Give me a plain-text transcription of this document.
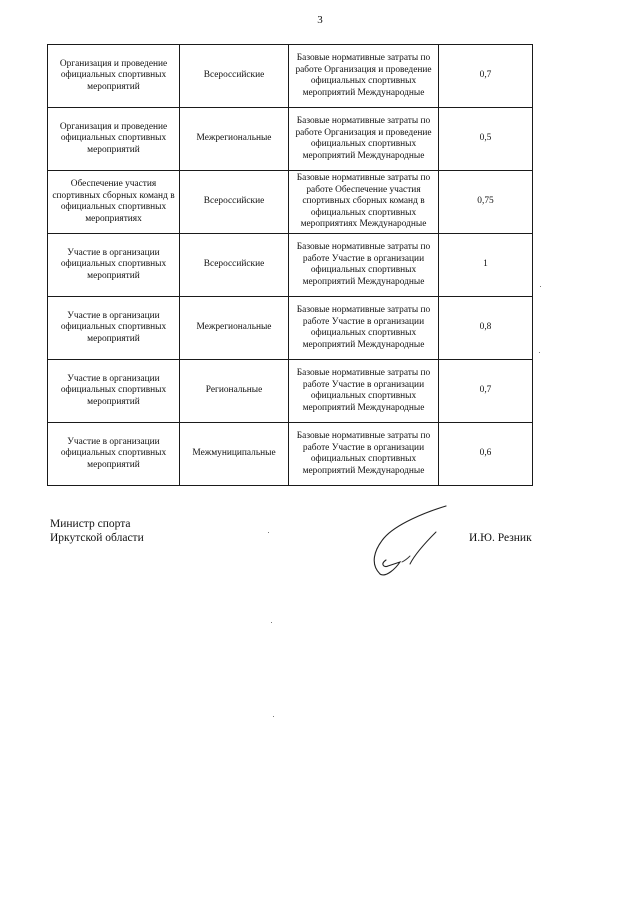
3
Организация и проведение официальных спортивных мероприятий	Всероссийские	Базовые нормативные затраты по работе Организация и проведение официальных спортивных мероприятий Международные	0,7
Организация и проведение официальных спортивных мероприятий	Межрегиональные	Базовые нормативные затраты по работе Организация и проведение официальных спортивных мероприятий Международные	0,5
Обеспечение участия спортивных сборных команд в официальных спортивных мероприятиях	Всероссийские	Базовые нормативные затраты по работе Обеспечение участия спортивных сборных команд в официальных спортивных мероприятиях Международные	0,75
Участие в организации официальных спортивных мероприятий	Всероссийские	Базовые нормативные затраты по работе Участие в организации официальных спортивных мероприятий Международные	1
Участие в организации официальных спортивных мероприятий	Межрегиональные	Базовые нормативные затраты по работе Участие в организации официальных спортивных мероприятий Международные	0,8
Участие в организации официальных спортивных мероприятий	Региональные	Базовые нормативные затраты по работе Участие в организации официальных спортивных мероприятий Международные	0,7
Участие в организации официальных спортивных мероприятий	Межмуниципальные	Базовые нормативные затраты по работе Участие в организации официальных спортивных мероприятий Международные	0,6
Министр спорта
Иркутской области	И.Ю. Резник
